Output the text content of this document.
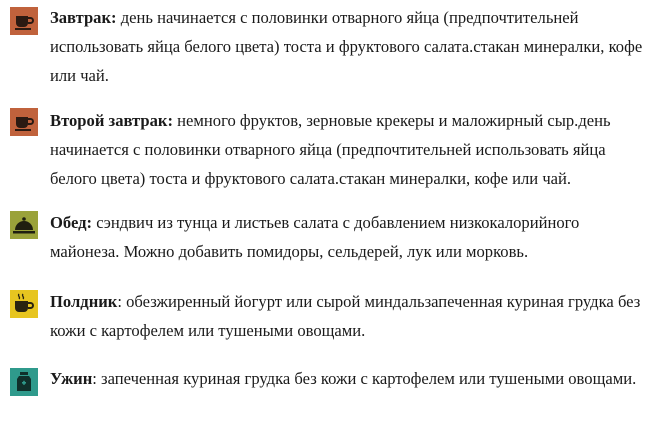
Завтрак: день начинается с половинки отварного яйца (предпочтительней использовать яйца белого цвета) тоста и фруктового салата.стакан минералки, кофе или чай.

Второй завтрак: немного фруктов, зерновые крекеры и маложирный сыр.день начинается с половинки отварного яйца (предпочтительней использовать яйца белого цвета) тоста и фруктового салата.стакан минералки, кофе или чай.

Обед: сэндвич из тунца и листьев салата с добавлением низкокалорийного майонеза. Можно добавить помидоры, сельдерей, лук или морковь.

Полдник: обезжиренный йогурт или сырой миндальзапеченная куриная грудка без кожи с картофелем или тушеными овощами.

Ужин: запеченная куриная грудка без кожи с картофелем или тушеными овощами.
